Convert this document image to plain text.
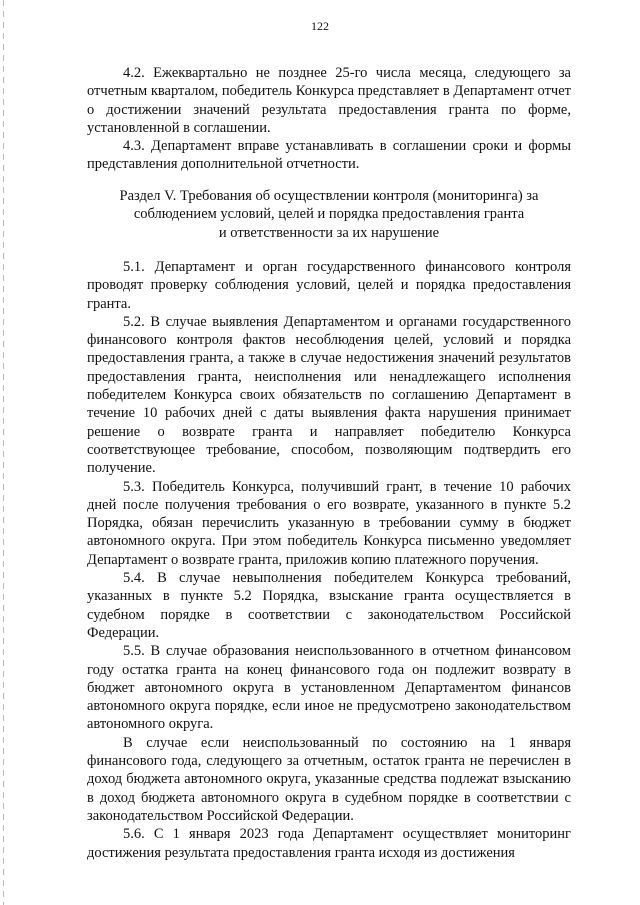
122

4.2. Ежеквартально не позднее 25-го числа месяца, следующего за отчетным кварталом, победитель Конкурса представляет в Департамент отчет о достижении значений результата предоставления гранта по форме, установленной в соглашении.

4.3. Департамент вправе устанавливать в соглашении сроки и формы представления дополнительной отчетности.

Раздел V. Требования об осуществлении контроля (мониторинга) за

соблюдением условий, целей и порядка предоставления гранта

и ответственности за их нарушение

5.1. Департамент и орган государственного финансового контроля проводят проверку соблюдения условий, целей и порядка предоставления гранта.

5.2. В случае выявления Департаментом и органами государственного финансового контроля фактов несоблюдения целей, условий и порядка предоставления гранта, а также в случае недостижения значений результатов предоставления гранта, неисполнения или ненадлежащего исполнения победителем Конкурса своих обязательств по соглашению Департамент в течение 10 рабочих дней с даты выявления факта нарушения принимает решение о возврате гранта и направляет победителю Конкурса соответствующее требование, способом, позволяющим подтвердить его получение.

5.3. Победитель Конкурса, получивший грант, в течение 10 рабочих дней после получения требования о его возврате, указанного в пункте 5.2 Порядка, обязан перечислить указанную в требовании сумму в бюджет автономного округа. При этом победитель Конкурса письменно уведомляет Департамент о возврате гранта, приложив копию платежного поручения.

5.4. В случае невыполнения победителем Конкурса требований, указанных в пункте 5.2 Порядка, взыскание гранта осуществляется в судебном порядке в соответствии с законодательством Российской Федерации.

5.5. В случае образования неиспользованного в отчетном финансовом году остатка гранта на конец финансового года он подлежит возврату в бюджет автономного округа в установленном Департаментом финансов автономного округа порядке, если иное не предусмотрено законодательством автономного округа.

В случае если неиспользованный по состоянию на 1 января финансового года, следующего за отчетным, остаток гранта не перечислен в доход бюджета автономного округа, указанные средства подлежат взысканию в доход бюджета автономного округа в судебном порядке в соответствии с законодательством Российской Федерации.

5.6. С 1 января 2023 года Департамент осуществляет мониторинг достижения результата предоставления гранта исходя из достижения
